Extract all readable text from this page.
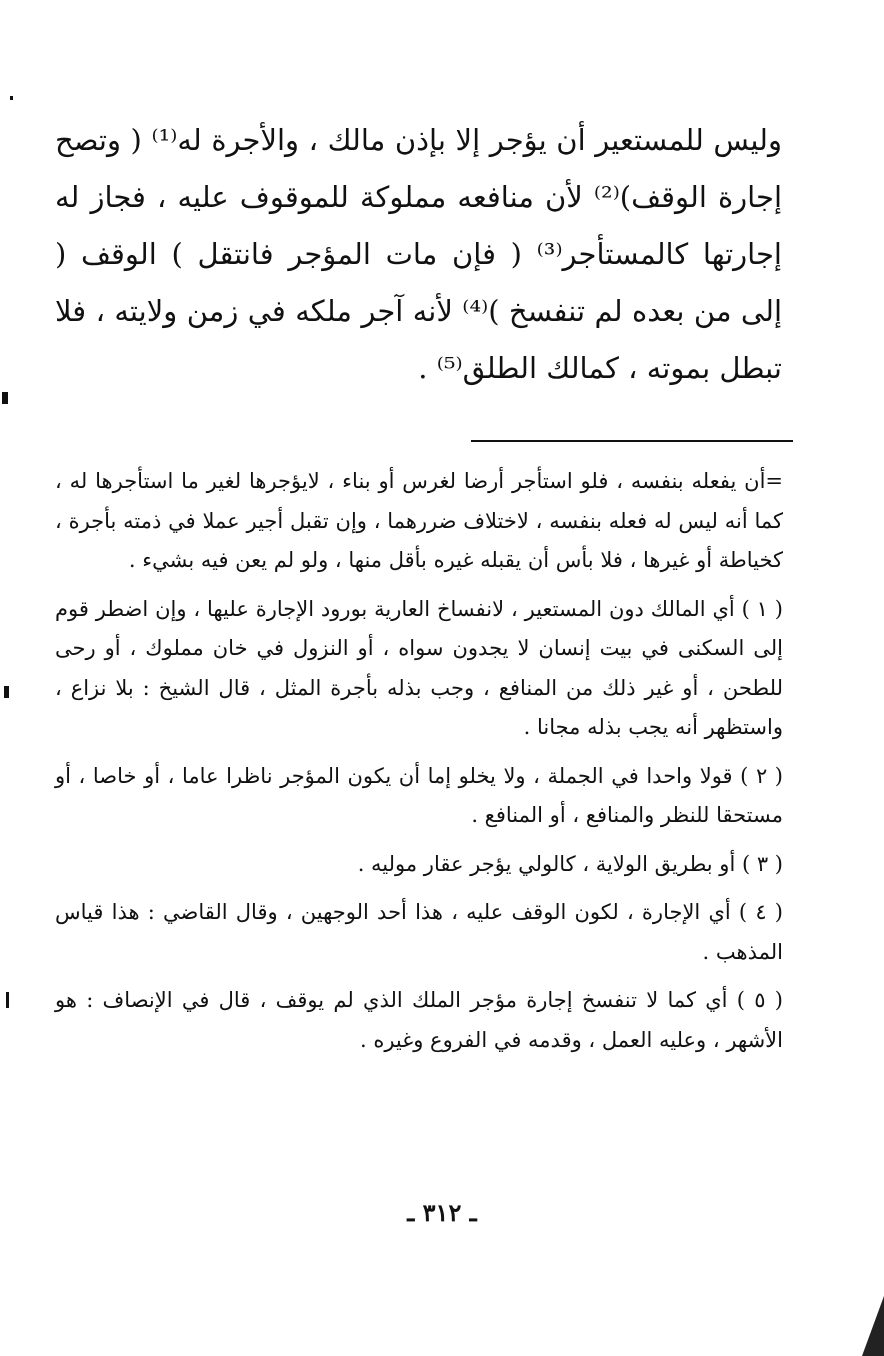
وليس للمستعير أن يؤجر إلا بإذن مالك ، والأجرة له⁽¹⁾ ( وتصح إجارة الوقف)⁽²⁾ لأن منافعه مملوكة للموقوف عليه ، فجاز له إجارتها كالمستأجر⁽³⁾ ( فإن مات المؤجر فانتقل ) الوقف ( إلى من بعده لم تنفسخ )⁽⁴⁾ لأنه آجر ملكه في زمن ولايته ، فلا تبطل بموته ، كمالك الطلق⁽⁵⁾ .

=أن يفعله بنفسه ، فلو استأجر أرضا لغرس أو بناء ، لايؤجرها لغير ما استأجرها له ، كما أنه ليس له فعله بنفسه ، لاختلاف ضررهما ، وإن تقبل أجير عملا في ذمته بأجرة ، كخياطة أو غيرها ، فلا بأس أن يقبله غيره بأقل منها ، ولو لم يعن فيه بشيء .

( ١ ) أي المالك دون المستعير ، لانفساخ العارية بورود الإجارة عليها ، وإن اضطر قوم إلى السكنى في بيت إنسان لا يجدون سواه ، أو النزول في خان مملوك ، أو رحى للطحن ، أو غير ذلك من المنافع ، وجب بذله بأجرة المثل ، قال الشيخ : بلا نزاع ، واستظهر أنه يجب بذله مجانا .

( ٢ ) قولا واحدا في الجملة ، ولا يخلو إما أن يكون المؤجر ناظرا عاما ، أو خاصا ، أو مستحقا للنظر والمنافع ، أو المنافع .

( ٣ ) أو بطريق الولاية ، كالولي يؤجر عقار موليه .

( ٤ ) أي الإجارة ، لكون الوقف عليه ، هذا أحد الوجهين ، وقال القاضي : هذا قياس المذهب .

( ٥ ) أي كما لا تنفسخ إجارة مؤجر الملك الذي لم يوقف ، قال في الإنصاف : هو الأشهر ، وعليه العمل ، وقدمه في الفروع وغيره .

ـ ٣١٢ ـ
